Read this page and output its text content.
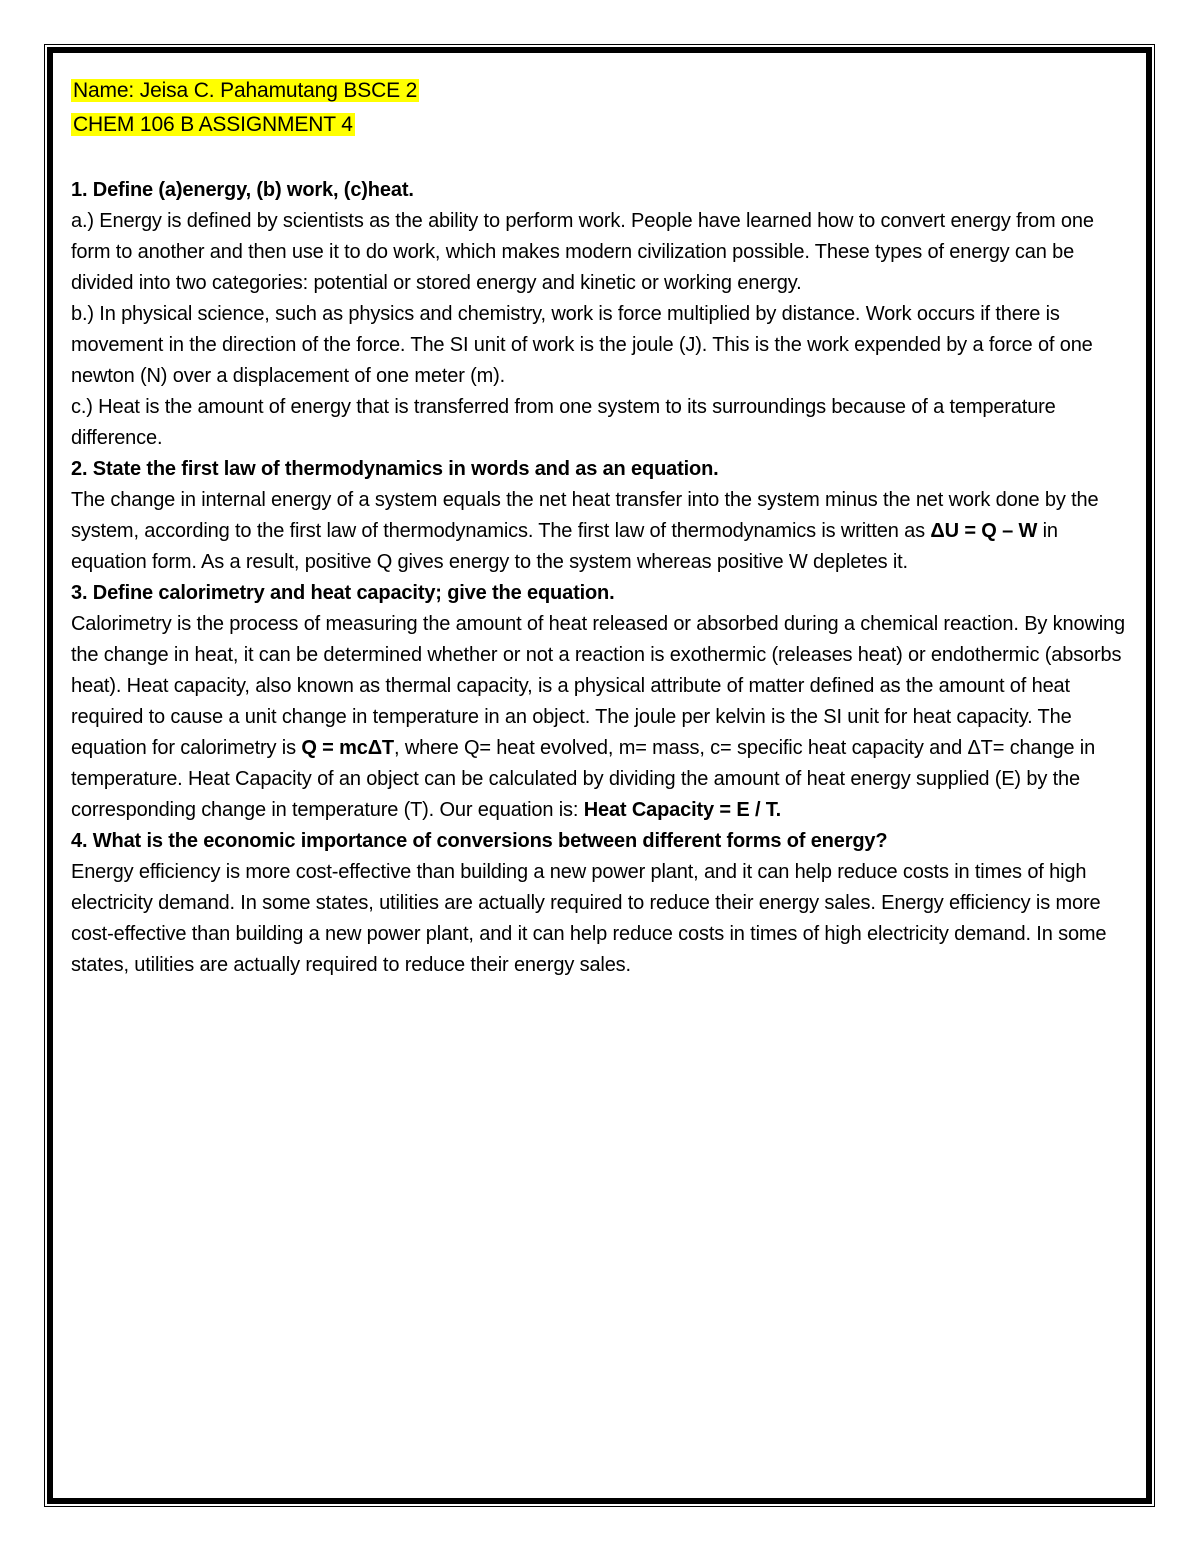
Name: Jeisa C. Pahamutang BSCE 2
CHEM 106 B ASSIGNMENT 4
1. Define (a)energy, (b) work, (c)heat.

a.) Energy is defined by scientists as the ability to perform work. People have learned how to convert energy from one form to another and then use it to do work, which makes modern civilization possible. These types of energy can be divided into two categories: potential or stored energy and kinetic or working energy.

b.) In physical science, such as physics and chemistry, work is force multiplied by distance. Work occurs if there is movement in the direction of the force. The SI unit of work is the joule (J). This is the work expended by a force of one newton (N) over a displacement of one meter (m).

c.) Heat is the amount of energy that is transferred from one system to its surroundings because of a temperature difference.

2. State the first law of thermodynamics in words and as an equation.

The change in internal energy of a system equals the net heat transfer into the system minus the net work done by the system, according to the first law of thermodynamics. The first law of thermodynamics is written as ΔU = Q – W in equation form. As a result, positive Q gives energy to the system whereas positive W depletes it.

3. Define calorimetry and heat capacity; give the equation.

Calorimetry is the process of measuring the amount of heat released or absorbed during a chemical reaction. By knowing the change in heat, it can be determined whether or not a reaction is exothermic (releases heat) or endothermic (absorbs heat). Heat capacity, also known as thermal capacity, is a physical attribute of matter defined as the amount of heat required to cause a unit change in temperature in an object. The joule per kelvin is the SI unit for heat capacity. The equation for calorimetry is Q = mcΔT, where Q= heat evolved, m= mass, c= specific heat capacity and ΔT= change in temperature. Heat Capacity of an object can be calculated by dividing the amount of heat energy supplied (E) by the corresponding change in temperature (T). Our equation is: Heat Capacity = E / T.

4. What is the economic importance of conversions between different forms of energy?

Energy efficiency is more cost-effective than building a new power plant, and it can help reduce costs in times of high electricity demand. In some states, utilities are actually required to reduce their energy sales. Energy efficiency is more cost-effective than building a new power plant, and it can help reduce costs in times of high electricity demand. In some states, utilities are actually required to reduce their energy sales.
